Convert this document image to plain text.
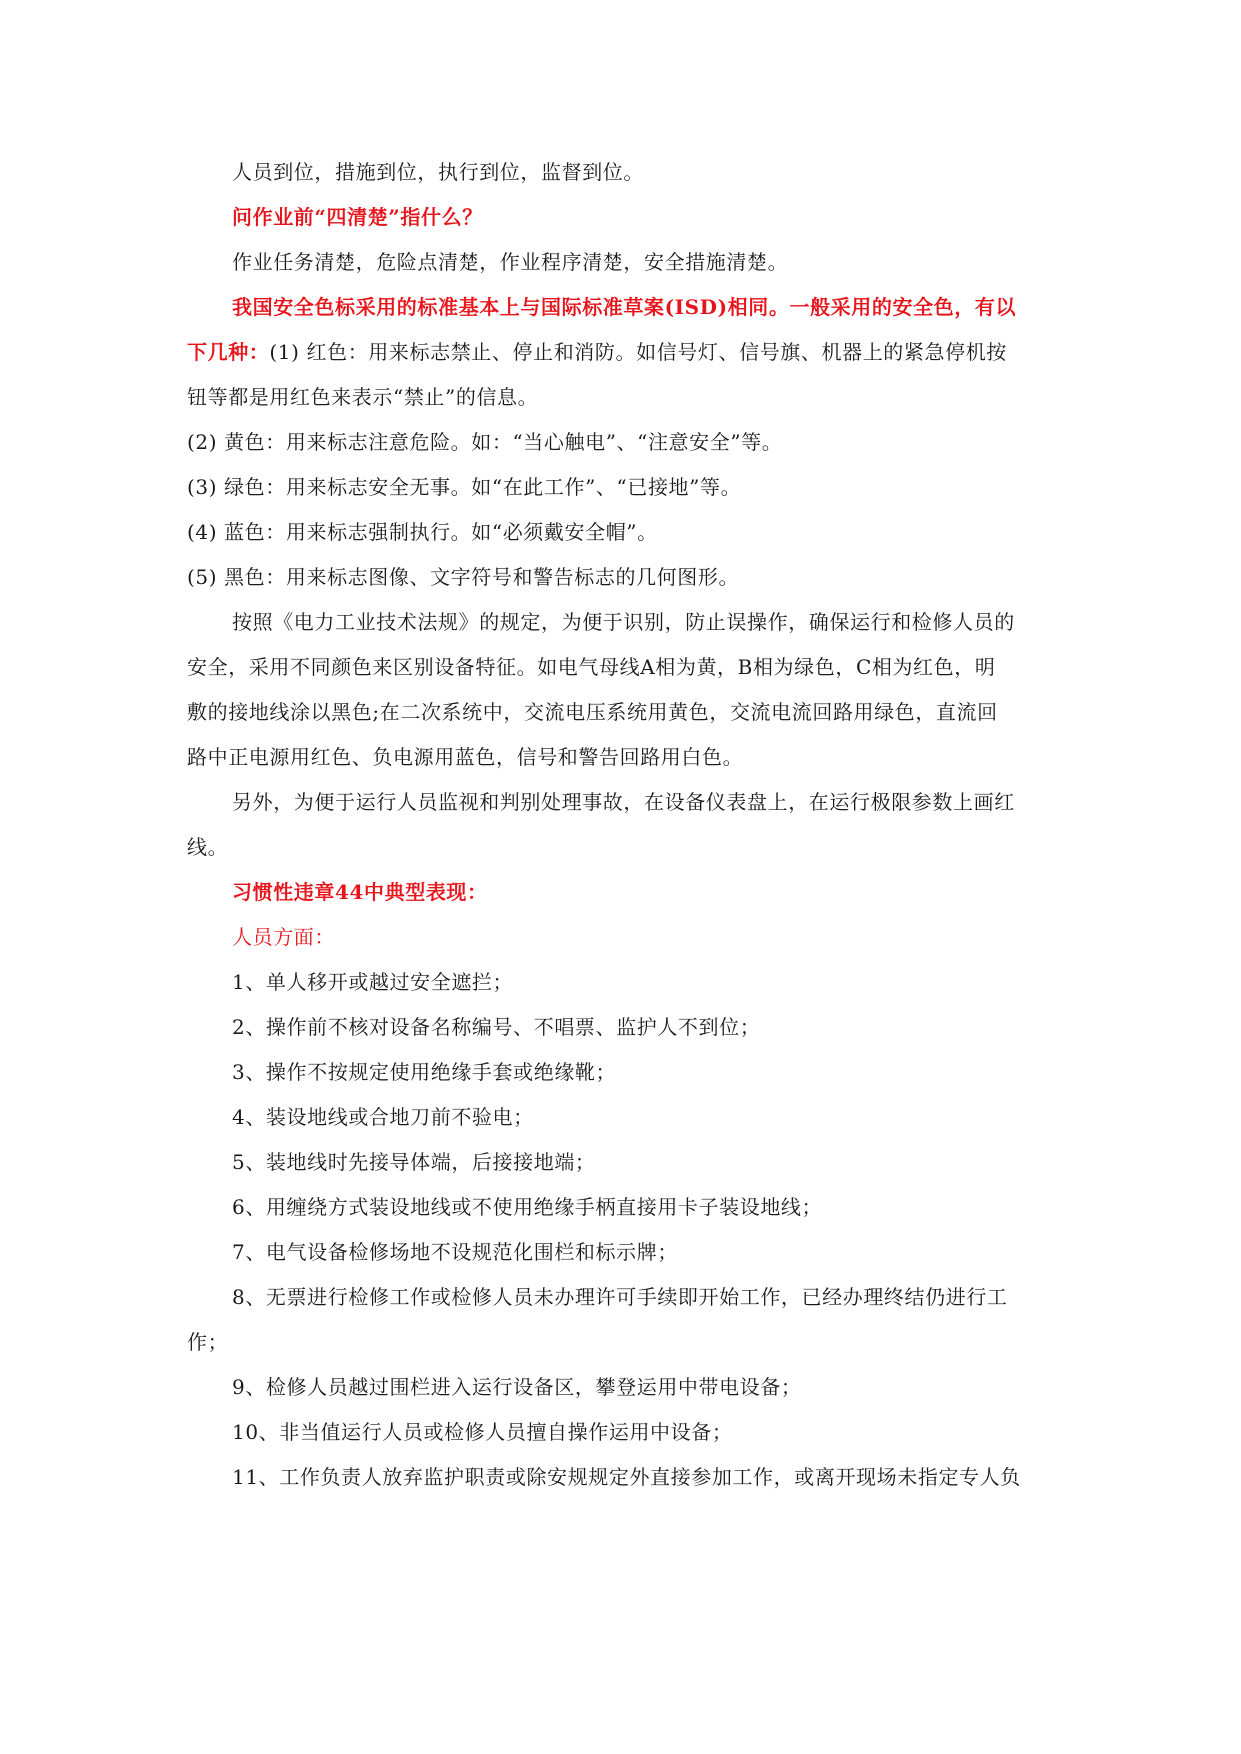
人员到位，措施到位，执行到位，监督到位。
问作业前“四清楚”指什么？
作业任务清楚，危险点清楚，作业程序清楚，安全措施清楚。
我国安全色标采用的标准基本上与国际标准草案(ISD)相同。一般采用的安全色，有以
下几种：(1) 红色：用来标志禁止、停止和消防。如信号灯、信号旗、机器上的紧急停机按
钮等都是用红色来表示“禁止”的信息。
(2) 黄色：用来标志注意危险。如：“当心触电”、“注意安全”等。
(3) 绿色：用来标志安全无事。如“在此工作”、“已接地”等。
(4) 蓝色：用来标志强制执行。如“必须戴安全帽”。
(5) 黑色：用来标志图像、文字符号和警告标志的几何图形。
按照《电力工业技术法规》的规定，为便于识别，防止误操作，确保运行和检修人员的
安全，采用不同颜色来区别设备特征。如电气母线A相为黄，B相为绿色，C相为红色，明
敷的接地线涂以黑色;在二次系统中，交流电压系统用黄色，交流电流回路用绿色，直流回
路中正电源用红色、负电源用蓝色，信号和警告回路用白色。
另外，为便于运行人员监视和判别处理事故，在设备仪表盘上，在运行极限参数上画红
线。
习惯性违章44中典型表现：
人员方面：
1、单人移开或越过安全遮拦；
2、操作前不核对设备名称编号、不唱票、监护人不到位；
3、操作不按规定使用绝缘手套或绝缘靴；
4、装设地线或合地刀前不验电；
5、装地线时先接导体端，后接接地端；
6、用缠绕方式装设地线或不使用绝缘手柄直接用卡子装设地线；
7、电气设备检修场地不设规范化围栏和标示牌；
8、无票进行检修工作或检修人员未办理许可手续即开始工作，已经办理终结仍进行工
作；
9、检修人员越过围栏进入运行设备区，攀登运用中带电设备；
10、非当值运行人员或检修人员擅自操作运用中设备；
11、工作负责人放弃监护职责或除安规规定外直接参加工作，或离开现场未指定专人负
